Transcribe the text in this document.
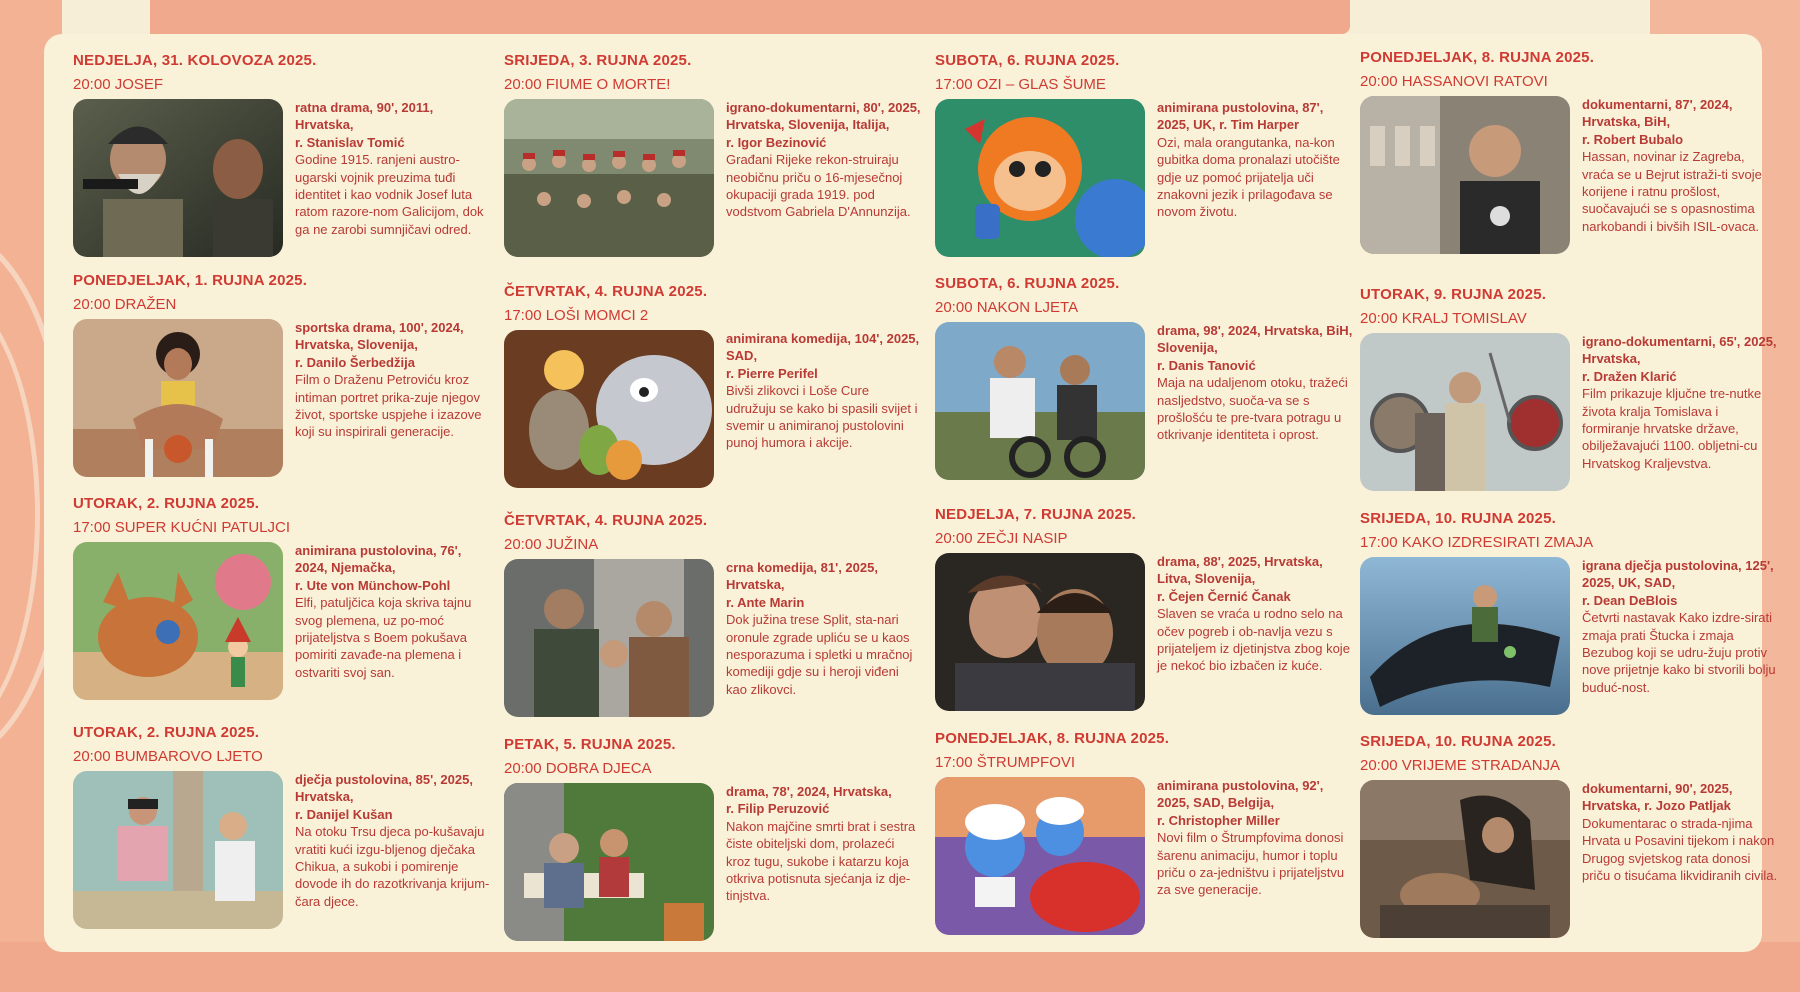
NEDJELJA, 31. KOLOVOZA 2025.
20:00 JOSEF
ratna drama, 90', 2011, Hrvatska,
r. Stanislav Tomić
Godine 1915. ranjeni austro-ugarski vojnik preuzima tuđi identitet i kao vodnik Josef luta ratom razore-nom Galicijom, dok ga ne zarobi sumnjičavi odred.
PONEDJELJAK, 1. RUJNA 2025.
20:00 DRAŽEN
sportska drama, 100', 2024, Hrvatska, Slovenija,
r. Danilo Šerbedžija
Film o Draženu Petroviću kroz intiman portret prika-zuje njegov život, sportske uspjehe i izazove koji su inspirirali generacije.
UTORAK, 2. RUJNA 2025.
17:00 SUPER KUĆNI PATULJCI
animirana pustolovina, 76', 2024, Njemačka,
r. Ute von Münchow-Pohl
Elfi, patuljčica koja skriva tajnu svog plemena, uz po-moć prijateljstva s Boem pokušava pomiriti zavađe-na plemena i ostvariti svoj san.
UTORAK, 2. RUJNA 2025.
20:00 BUMBAROVO LJETO
dječja pustolovina, 85', 2025, Hrvatska,
r. Danijel Kušan
Na otoku Trsu djeca po-kušavaju vratiti kući izgu-bljenog dječaka Chikua, a sukobi i pomirenje dovode ih do razotkrivanja krijum-čara djece.
SRIJEDA, 3. RUJNA 2025.
20:00 FIUME O MORTE!
igrano-dokumentarni, 80', 2025, Hrvatska, Slovenija, Italija,
r. Igor Bezinović
Građani Rijeke rekon-struiraju neobičnu priču o 16-mjesečnoj okupaciji grada 1919. pod vodstvom Gabriela D'Annunzija.
ČETVRTAK, 4. RUJNA 2025.
17:00 LOŠI MOMCI 2
animirana komedija, 104', 2025, SAD,
r. Pierre Perifel
Bivši zlikovci i Loše Cure udružuju se kako bi spasili svijet i svemir u animiranoj pustolovini punoj humora i akcije.
ČETVRTAK, 4. RUJNA 2025.
20:00 JUŽINA
crna komedija, 81', 2025, Hrvatska,
r. Ante Marin
Dok južina trese Split, sta-nari oronule zgrade upliću se u kaos nesporazuma i spletki u mračnoj komediji gdje su i heroji viđeni kao zlikovci.
PETAK, 5. RUJNA 2025.
20:00 DOBRA DJECA
drama, 78', 2024, Hrvatska,
r. Filip Peruzović
Nakon majčine smrti brat i sestra čiste obiteljski dom, prolazeći kroz tugu, sukobe i katarzu koja otkriva potisnuta sjećanja iz dje-tinjstva.
SUBOTA, 6. RUJNA 2025.
17:00 OZI – GLAS ŠUME
animirana pustolovina, 87', 2025, UK, r. Tim Harper

Ozi, mala orangutanka, na-kon gubitka doma pronalazi utočište gdje uz pomoć prijatelja uči znakovni jezik i prilagođava se novom životu.
SUBOTA, 6. RUJNA 2025.
20:00 NAKON LJETA
drama, 98', 2024, Hrvatska, BiH, Slovenija,
r. Danis Tanović
Maja na udaljenom otoku, tražeći nasljedstvo, suoča-va se s prošlošću te pre-tvara potragu u otkrivanje identiteta i oprost.
NEDJELJA, 7. RUJNA 2025.
20:00 ZEČJI NASIP
drama, 88', 2025, Hrvatska, Litva, Slovenija,
r. Čejen Černić Čanak
Slaven se vraća u rodno selo na očev pogreb i ob-navlja vezu s prijateljem iz djetinjstva zbog koje je nekoć bio izbačen iz kuće.
PONEDJELJAK, 8. RUJNA 2025.
17:00 ŠTRUMPFOVI
animirana pustolovina, 92', 2025, SAD, Belgija,
r. Christopher Miller
Novi film o Štrumpfovima donosi šarenu animaciju, humor i toplu priču o za-jedništvu i prijateljstvu za sve generacije.
PONEDJELJAK, 8. RUJNA 2025.
20:00 HASSANOVI RATOVI
dokumentarni, 87', 2024, Hrvatska, BiH,
r. Robert Bubalo
Hassan, novinar iz Zagreba, vraća se u Bejrut istraži-ti svoje korijene i ratnu prošlost, suočavajući se s opasnostima narkobandi i bivših ISIL-ovaca.
UTORAK, 9. RUJNA 2025.
20:00 KRALJ TOMISLAV
igrano-dokumentarni, 65', 2025, Hrvatska,
r. Dražen Klarić
Film prikazuje ključne tre-nutke života kralja Tomislava i formiranje hrvatske države, obilježavajući 1100. obljetni-cu Hrvatskog Kraljevstva.
SRIJEDA, 10. RUJNA 2025.
17:00 KAKO IZDRESIRATI ZMAJA
igrana dječja pustolovina, 125', 2025, UK, SAD,
r. Dean DeBlois
Četvrti nastavak Kako izdre-sirati zmaja prati Štucka i zmaja Bezubog koji se udru-žuju protiv nove prijetnje kako bi stvorili bolju buduć-nost.
SRIJEDA, 10. RUJNA 2025.
20:00 VRIJEME STRADANJA
dokumentarni, 90', 2025, Hrvatska, r. Jozo Patljak

Dokumentarac o strada-njima Hrvata u Posavini tijekom i nakon Drugog svjetskog rata donosi priču o tisućama likvidiranih civila.
